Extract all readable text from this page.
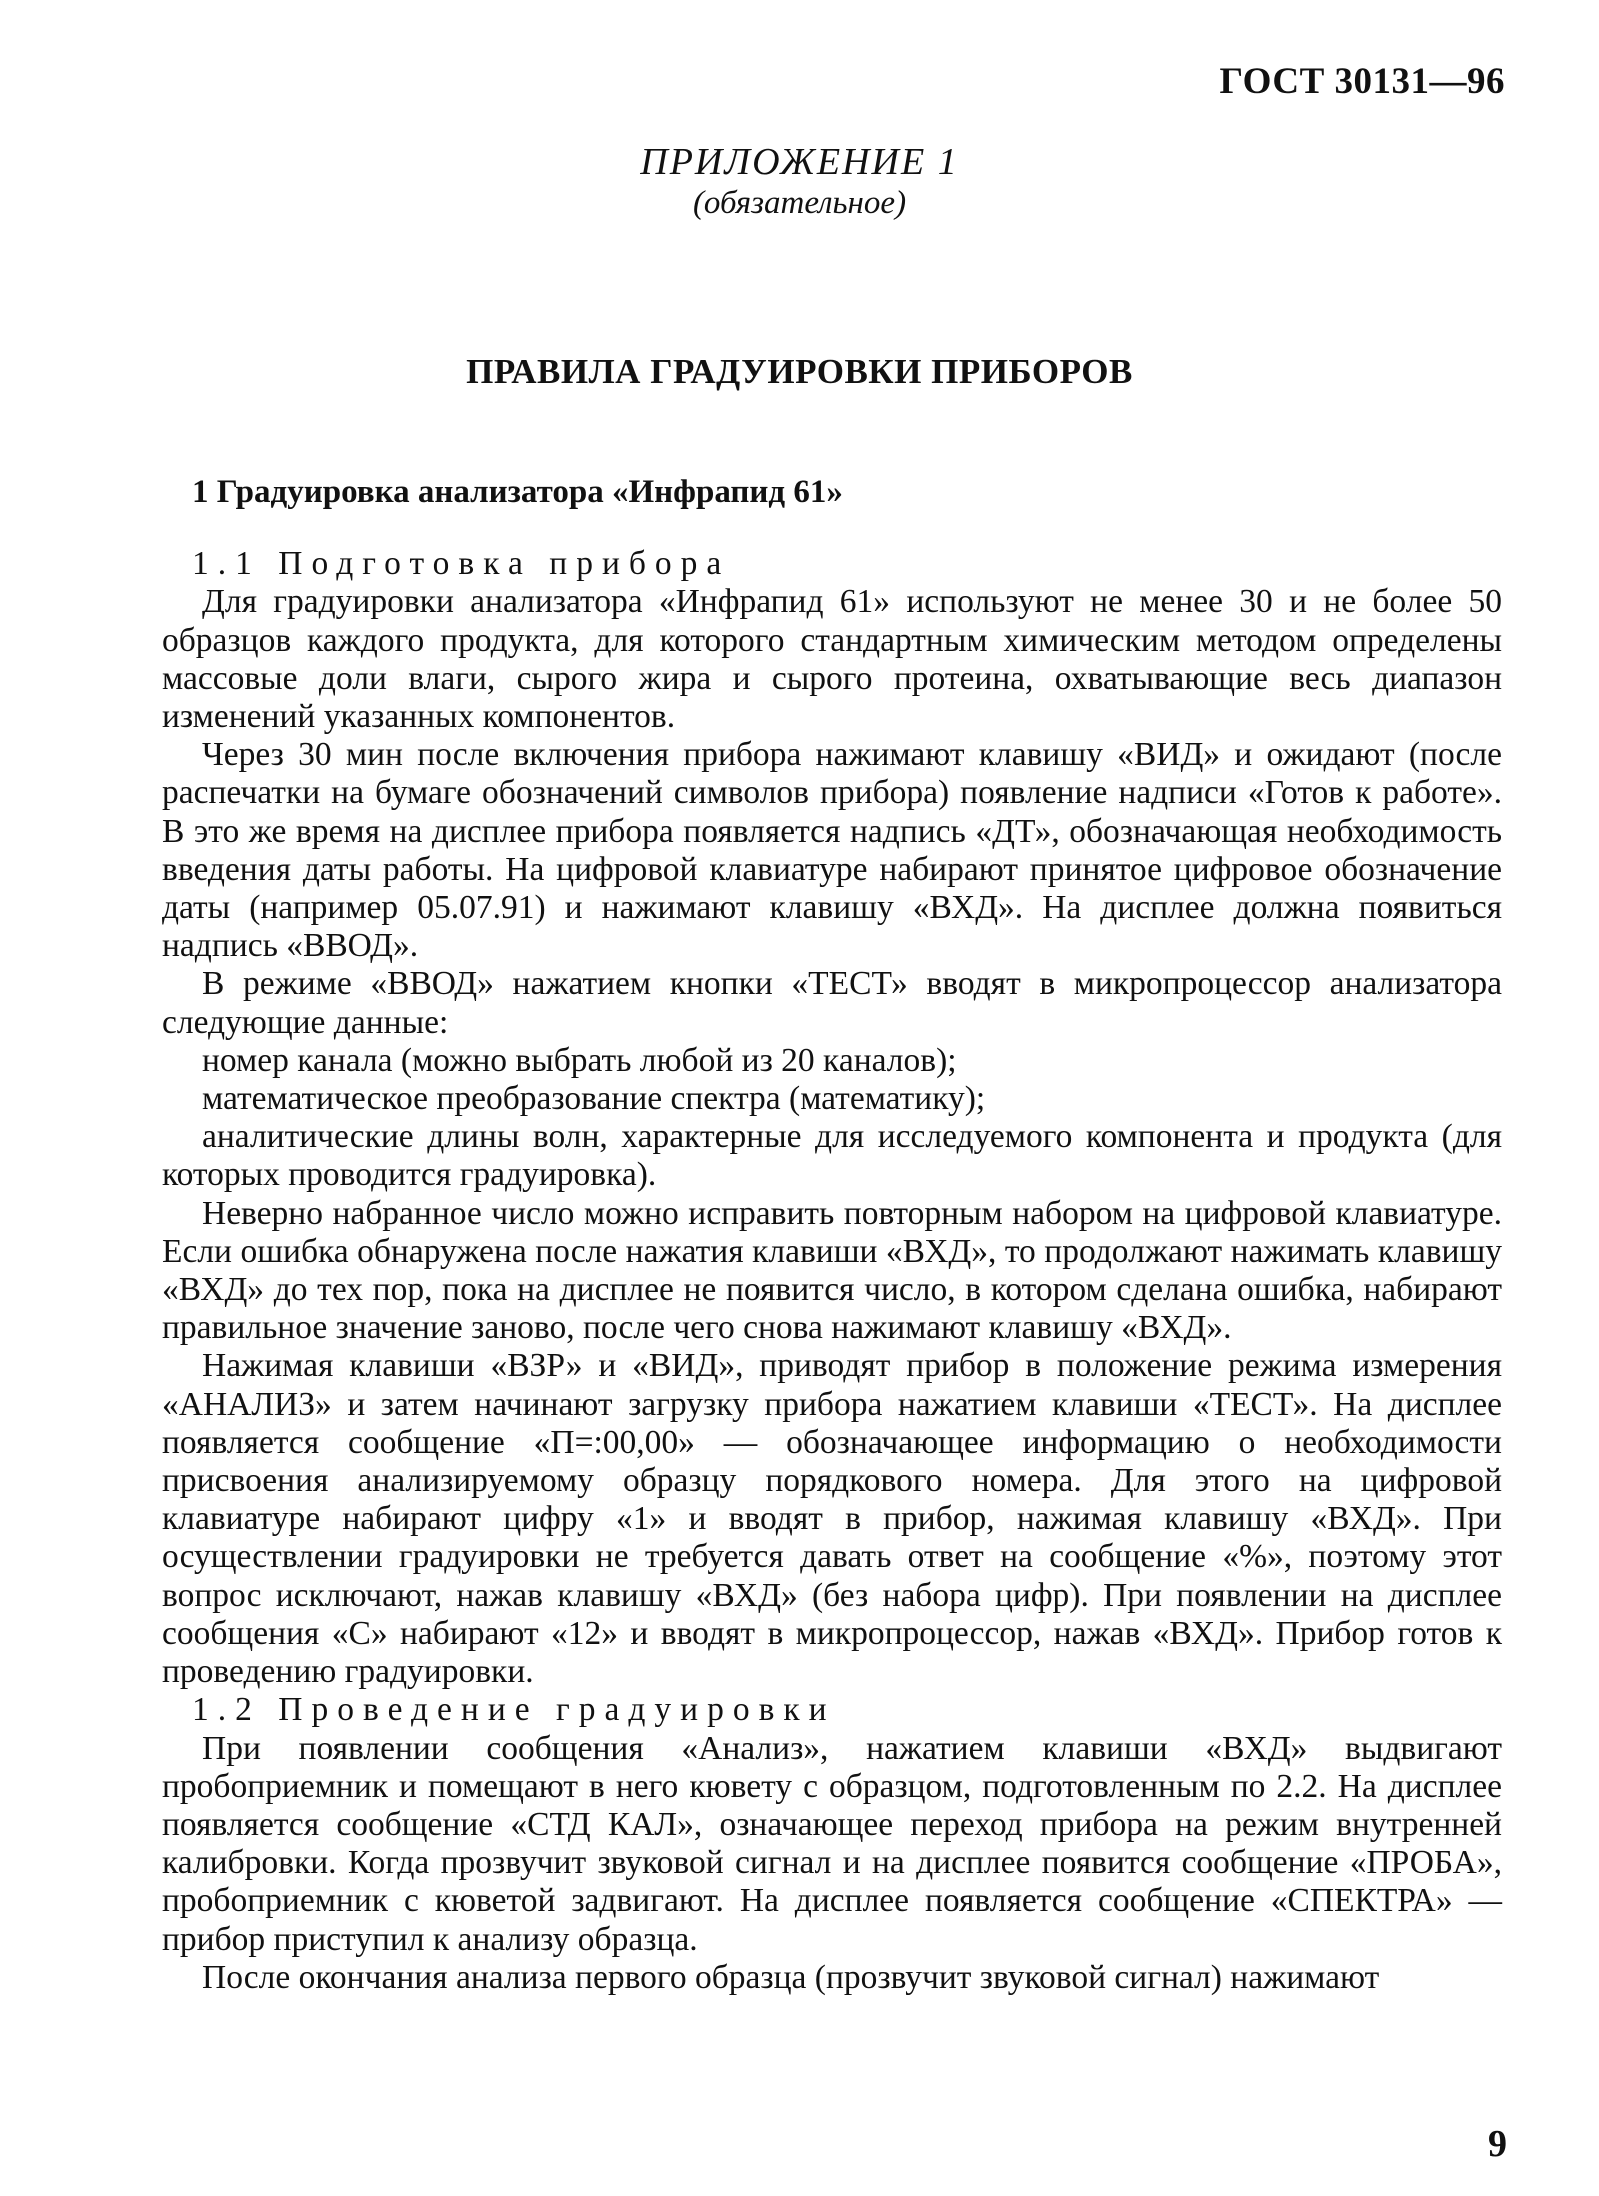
ГОСТ 30131—96
ПРИЛОЖЕНИЕ 1
(обязательное)
ПРАВИЛА ГРАДУИРОВКИ ПРИБОРОВ

1 Градуировка анализатора «Инфрапид 61»

1.1 Подготовка прибора

Для градуировки анализатора «Инфрапид 61» используют не менее 30 и не более 50 образцов каждого продукта, для которого стандартным химическим методом определены массовые доли влаги, сырого жира и сырого протеина, охватывающие весь диапазон изменений указанных компонентов.

Через 30 мин после включения прибора нажимают клавишу «ВИД» и ожидают (после распечатки на бумаге обозначений символов прибора) появление надписи «Готов к работе». В это же время на дисплее прибора появляется надпись «ДТ», обозначающая необходимость введения даты работы. На цифровой клавиатуре набирают принятое цифровое обозначение даты (например 05.07.91) и нажимают клавишу «ВХД». На дисплее должна появиться надпись «ВВОД».

В режиме «ВВОД» нажатием кнопки «ТЕСТ» вводят в микропроцессор анализатора следующие данные:

номер канала (можно выбрать любой из 20 каналов);

математическое преобразование спектра (математику);

аналитические длины волн, характерные для исследуемого компонента и продукта (для которых проводится градуировка).

Неверно набранное число можно исправить повторным набором на цифровой клавиатуре. Если ошибка обнаружена после нажатия клавиши «ВХД», то продолжают нажимать клавишу «ВХД» до тех пор, пока на дисплее не появится число, в котором сделана ошибка, набирают правильное значение заново, после чего снова нажимают клавишу «ВХД».

Нажимая клавиши «ВЗР» и «ВИД», приводят прибор в положение режима измерения «АНАЛИЗ» и затем начинают загрузку прибора нажатием клавиши «ТЕСТ». На дисплее появляется сообщение «П=:00,00» — обозначающее информацию о необходимости присвоения анализируемому образцу порядкового номера. Для этого на цифровой клавиатуре набирают цифру «1» и вводят в прибор, нажимая клавишу «ВХД». При осуществлении градуировки не требуется давать ответ на сообщение «%», поэтому этот вопрос исключают, нажав клавишу «ВХД» (без набора цифр). При появлении на дисплее сообщения «С» набирают «12» и вводят в микропроцессор, нажав «ВХД». Прибор готов к проведению градуировки.

1.2 Проведение градуировки

При появлении сообщения «Анализ», нажатием клавиши «ВХД» выдвигают пробоприемник и помещают в него кювету с образцом, подготовленным по 2.2. На дисплее появляется сообщение «СТД КАЛ», означающее переход прибора на режим внутренней калибровки. Когда прозвучит звуковой сигнал и на дисплее появится сообщение «ПРОБА», пробоприемник с кюветой задвигают. На дисплее появляется сообщение «СПЕКТРА» — прибор приступил к анализу образца.

После окончания анализа первого образца (прозвучит звуковой сигнал) нажимают

9
